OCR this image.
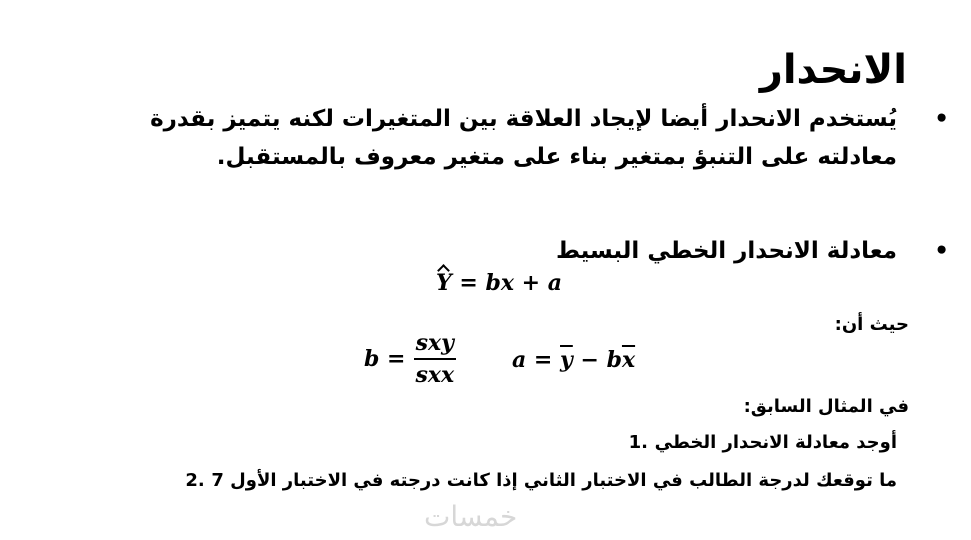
الانحدار
•
يُستخدم الانحدار أيضا لإيجاد العلاقة بين المتغيرات لكنه يتميز بقدرة معادلته على التنبؤ بمتغير بناء على متغير معروف بالمستقبل.
•
معادلة الانحدار الخطي البسيط
Y = bx + a
حيث أن:
$b = \frac{\text{sxy}}{\text{sxx}}$	$a = \overline{y} - b\overline{x}$
في المثال السابق:
.1 أوجد معادلة الانحدار الخطي
.2 ما توقعك لدرجة الطالب في الاختبار الثاني إذا كانت درجته في الاختبار الأول 7
خمسات
